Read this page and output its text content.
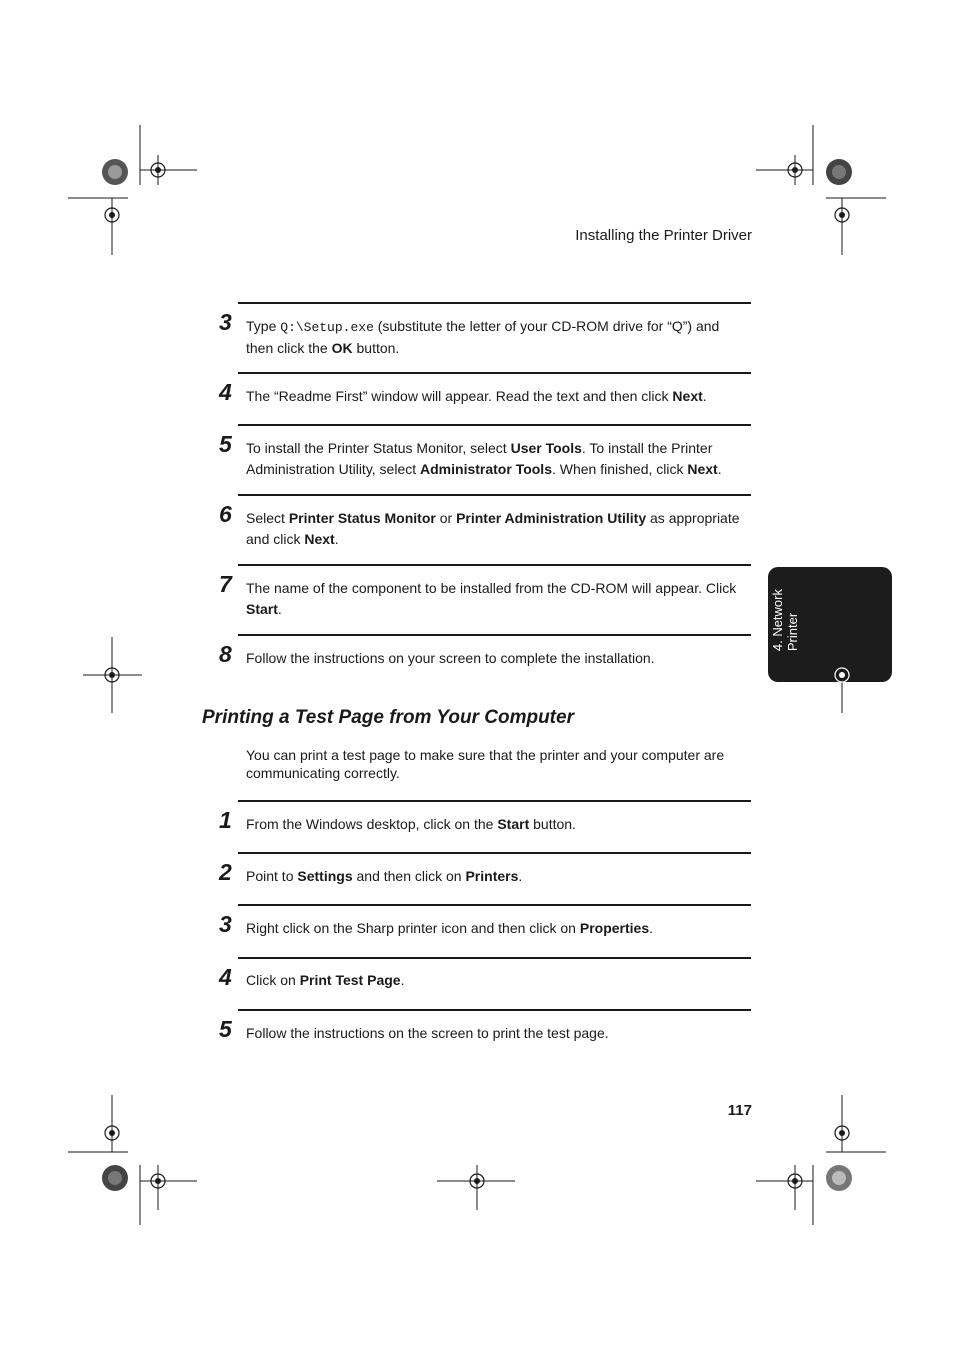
Installing the Printer Driver
3	Type Q:\Setup.exe (substitute the letter of your CD-ROM drive for “Q”) and then click the OK button.
4	The “Readme First” window will appear. Read the text and then click Next.
5	To install the Printer Status Monitor, select User Tools. To install the Printer Administration Utility, select Administrator Tools. When finished, click Next.
6	Select Printer Status Monitor or Printer Administration Utility as appropriate and click Next.
7	The name of the component to be installed from the CD-ROM will appear. Click Start.
8	Follow the instructions on your screen to complete the installation.
Printing a Test Page from Your Computer
You can print a test page to make sure that the printer and your computer are communicating correctly.
1	From the Windows desktop, click on the Start button.
2	Point to Settings and then click on Printers.
3	Right click on the Sharp printer icon and then click on Properties.
4	Click on Print Test Page.
5	Follow the instructions on the screen to print the test page.
4. Network
Printer
117
